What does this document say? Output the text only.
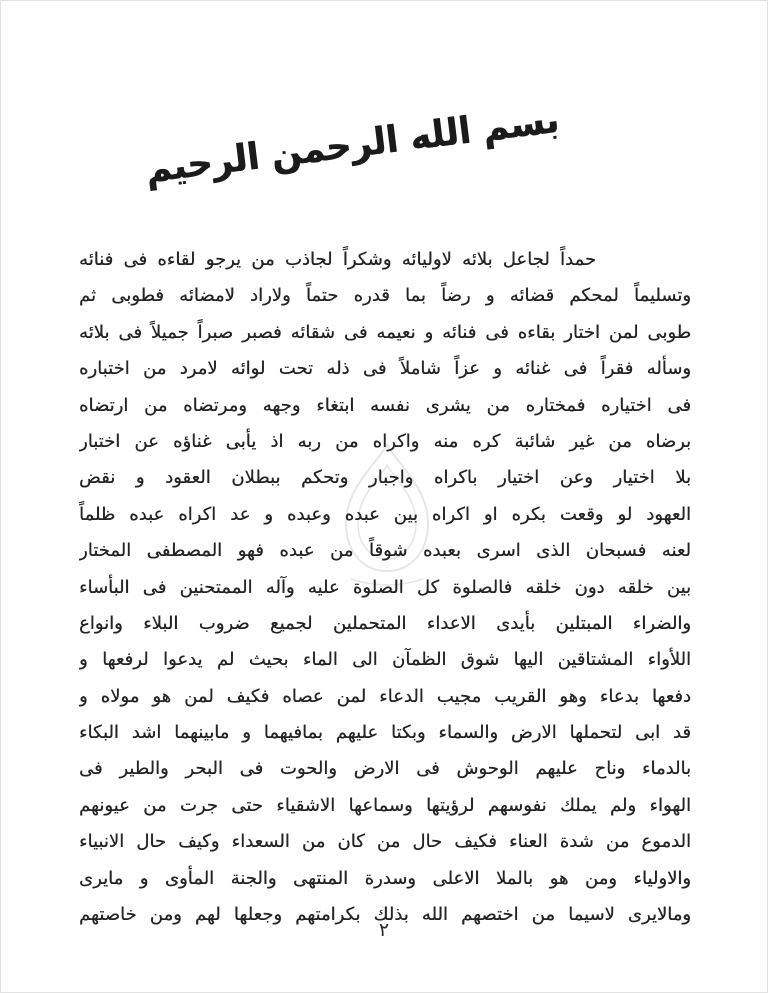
بسم الله الرحمن الرحيم
حمداً لجاعل بلائه لاوليائه وشكراً لجاذب من يرجو لقاءه فى فنائه
وتسليماً لمحكم قضائه و رضاً بما قدره حتماً ولاراد لامضائه فطوبى ثم
طوبى لمن اختار بقاءه فى فنائه و نعيمه فى شقائه فصبر صبراً جميلاً فى بلائه
وسأله فقراً فى غنائه و عزاً شاملاً فى ذله تحت لوائه لامرد من اختباره
فى اختياره فمختاره من يشرى نفسه ابتغاء وجهه ومرتضاه من ارتضاه
برضاه من غير شائبة كره منه واكراه من ربه اذ يأبى غناؤه عن اختبار
بلا اختيار وعن اختيار باكراه واجبار وتحكم ببطلان العقود و نقض
العهود لو وقعت بكره او اكراه بين عبده وعبده و عد اكراه عبده ظلماً
لعنه فسبحان الذى اسرى بعبده شوقاً من عبده فهو المصطفى المختار
بين خلقه دون خلقه فالصلوة كل الصلوة عليه وآله الممتحنين فى البأساء
والضراء المبتلين بأيدى الاعداء المتحملين لجميع ضروب البلاء وانواع
اللأواء المشتاقين اليها شوق الظمآن الى الماء بحيث لم يدعوا لرفعها و
دفعها بدعاء وهو القريب مجيب الدعاء لمن عصاه فكيف لمن هو مولاه و
قد ابى لتحملها الارض والسماء وبكتا عليهم بمافيهما و مابينهما اشد البكاء
بالدماء وناح عليهم الوحوش فى الارض والحوت فى البحر والطير فى
الهواء ولم يملك نفوسهم لرؤيتها وسماعها الاشقياء حتى جرت من عيونهم
الدموع من شدة العناء فكيف حال من كان من السعداء وكيف حال الانبياء
والاولياء ومن هو بالملا الاعلى وسدرة المنتهى والجنة المأوى و مايرى
ومالايرى لاسيما من اختصهم الله بذلك بكرامتهم وجعلها لهم ومن خاصتهم
٢
